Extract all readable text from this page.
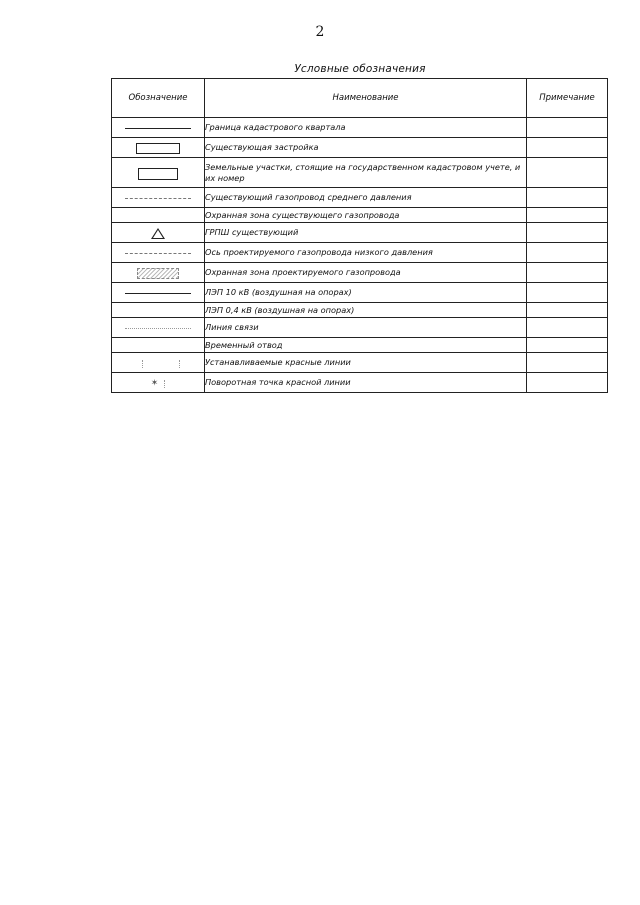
2
Условные обозначения
Обозначение	Наименование	Примечание
	Граница кадастрового квартала	
	Существующая застройка	
	Земельные участки, стоящие на государственном кадастровом учете, и их номер	
	Существующий газопровод среднего давления	
	Охранная зона существующего газопровода	
	ГРПШ существующий	
	Ось проектируемого газопровода низкого давления	
	Охранная зона проектируемого газопровода	
	ЛЭП 10 кВ (воздушная на опорах)	
	ЛЭП 0,4 кВ (воздушная на опорах)	
	Линия связи	
	Временный отвод	
	Устанавливаемые красные линии	
✶	Поворотная точка красной линии	
